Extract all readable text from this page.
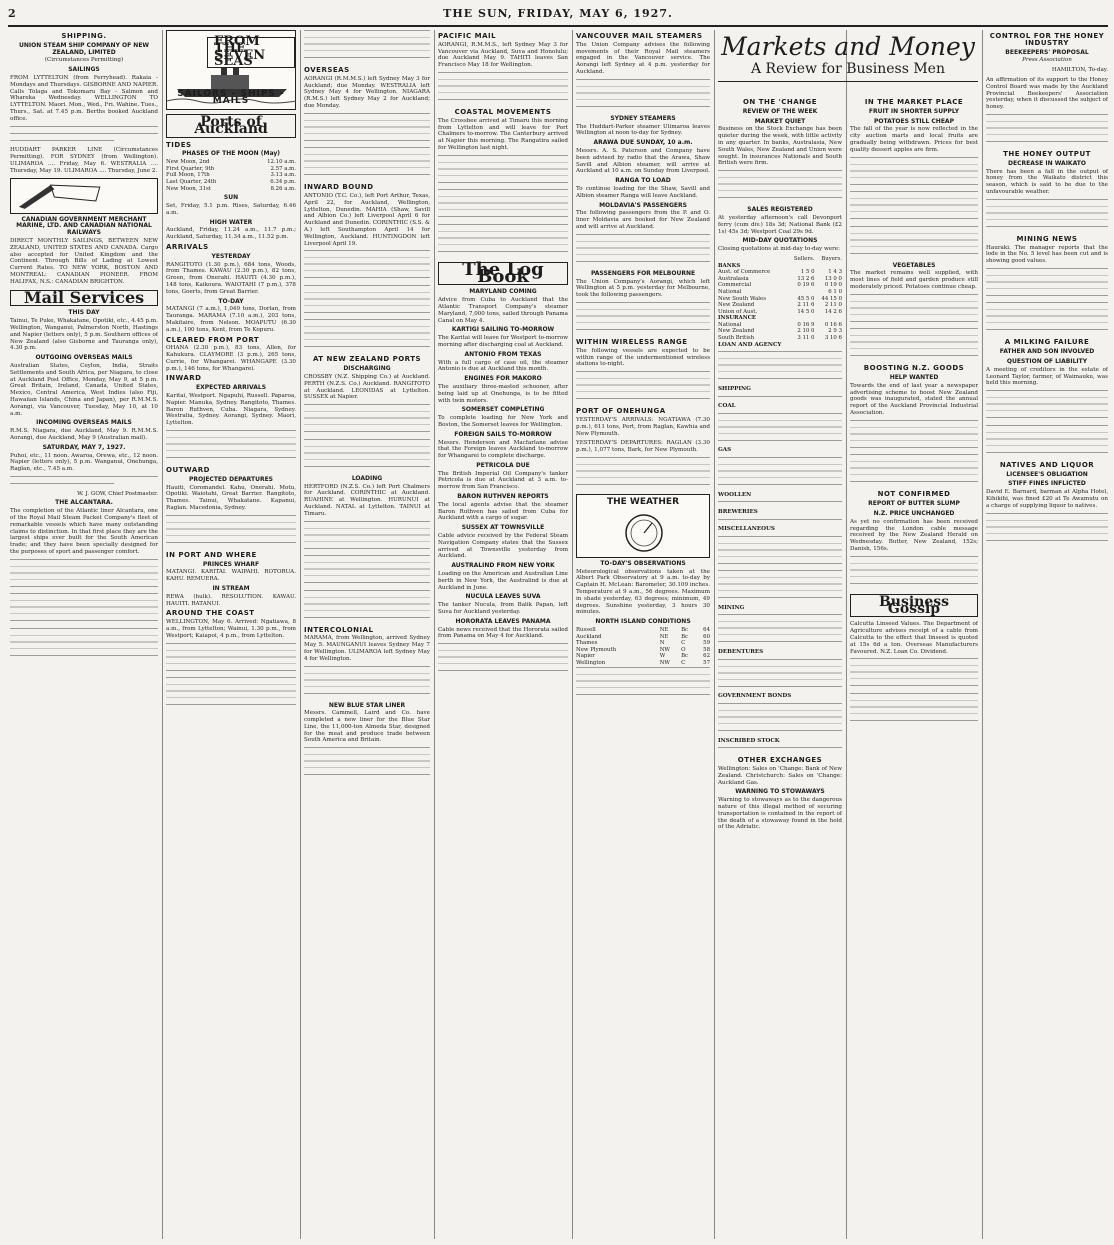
2	THE SUN, FRIDAY, MAY 6, 1927.
SHIPPING.
UNION STEAM SHIP COMPANY OF NEW ZEALAND, LIMITED

(Circumstances Permitting)

SAILINGS

FROM LYTTELTON (from Ferryhead). Rakaia - Mondays and Thursdays. GISBORNE AND NAPIER. Calls Tolaga and Tokomaru Bay - Salmon and Whareka Wednesday. WELLINGTON TO LYTTELTON. Maori. Mon., Wed., Fri. Wahine. Tues., Thurs., Sat. at 7.45 p.m. Berths booked Auckland office.

HUDDART PARKER LINE (Circumstances Permitting). FOR SYDNEY (from Wellington). ULIMAROA .... Friday, May 6. WESTRALIA .... Thursday, May 19. ULIMAROA .... Thursday, June 2.

CANADIAN GOVERNMENT MERCHANT MARINE, LTD. AND CANADIAN NATIONAL RAILWAYS

DIRECT MONTHLY SAILINGS, BETWEEN NEW ZEALAND, UNITED STATES AND CANADA. Cargo also accepted for United Kingdom and the Continent. Through Bills of Lading at Lowest Current Rates. TO NEW YORK, BOSTON AND MONTREAL: CANADIAN PIONEER. FROM HALIFAX, N.S.: CANADIAN BRIGHTON.

Mail Services
THIS DAY

Tainui, Te Puke, Whakatane, Opotiki, etc., 4.45 p.m. Wellington, Wanganui, Palmerston North, Hastings and Napier (letters only), 5 p.m. Southern offices of New Zealand (also Gisborne and Tauranga only), 4.30 p.m.

OUTGOING OVERSEAS MAILS

Australian States, Ceylon, India, Straits Settlements and South Africa, per Niagara, to close at Auckland Post Office, Monday, May 9, at 5 p.m. Great Britain, Ireland, Canada, United States, Mexico, Central America, West Indies (also Fiji, Hawaiian Islands, China and Japan), per R.M.M.S. Aorangi, via Vancouver, Tuesday, May 10, at 10 a.m.

INCOMING OVERSEAS MAILS

R.M.S. Niagara, due Auckland, May 9. R.M.M.S. Aorangi, due Auckland, May 9 (Australian mail).

SATURDAY, MAY 7, 1927.

Puhoi, etc., 11 noon. Awaroa, Orewa, etc., 12 noon. Napier (letters only), 5 p.m. Wanganui, Onehunga, Raglan, etc., 7.45 a.m.

W. J. GOW, Chief Postmaster.

THE ALCANTARA.

The completion of the Atlantic liner Alcantara, one of the Royal Mail Steam Packet Company's fleet of remarkable vessels which have many outstanding claims to distinction. In that first place they are the largest ships ever built for the South American trade; and they have been specially designed for the purposes of sport and passenger comfort.

FROM THE SEVEN SEAS
SAILORS - SHIPS - MAILS
Ports of Auckland
TIDES
PHASES OF THE MOON (May)
New Moon, 2nd	12.10 a.m.
First Quarter, 9th	2.57 a.m.
Full Moon, 17th	3.13 a.m.
Last Quarter, 24th	6.34 p.m.
New Moon, 31st	8.26 a.m.
SUN

Set, Friday, 5.1 p.m. Rises, Saturday, 6.46 a.m.

HIGH WATER

Auckland, Friday, 11.24 a.m., 11.7 p.m.; Auckland, Saturday, 11.34 a.m., 11.52 p.m.

ARRIVALS
YESTERDAY

RANGITOTO (1.30 p.m.), 684 tons, Woods, from Thames. KAWAU (2.30 p.m.), 82 tons, Green, from Onerahi. HAUITI (4.30 p.m.), 148 tons, Kaikoura. WAIOTAHI (7 p.m.), 378 tons, Goerts, from Great Barrier.

TO-DAY

MATANGI (7 a.m.), 1,049 tons, Dorlan, from Tauranga. MARAMA (7.10 a.m.), 203 tons, Makitaire, from Nelson. MOAPUTU (6.30 a.m.), 100 tons, Kent, from Te Kopuru.

CLEARED FROM PORT

OHANA (2.30 p.m.), 83 tons, Allen, for Kahukura. CLAYMORE (3 p.m.), 265 tons, Currie, for Whangarei. WHANGAPE (3.30 p.m.), 146 tons, for Whangarei.

INWARD
EXPECTED ARRIVALS

Karitai, Westport. Ngapuhi, Russell. Paparoa, Napier. Manuka, Sydney. Rangitoto, Thames. Baron Ruthven, Cuba. Niagara, Sydney. Westralia, Sydney. Aorangi, Sydney. Maori, Lyttelton.

OUTWARD
PROJECTED DEPARTURES

Hauiti, Coromandel. Kahu, Onerahi. Motu, Opotiki. Waiotahi, Great Barrier. Rangitoto, Thames. Tainui, Whakatane. Kapanui, Raglan. Macedonia, Sydney.

IN PORT AND WHERE
PRINCES WHARF

MATANGI. KARITAI. WAIPAHI. ROTORUA. KAHU. REMUERA.

IN STREAM

REWA (hulk). RESOLUTION. KAWAU. HAUITI. RATANUI.

AROUND THE COAST

WELLINGTON, May 6. Arrived: Ngatiawa, 8 a.m., from Lyttelton; Wainui, 1.30 p.m., from Westport; Kaiapoi, 4 p.m., from Lyttelton.

OVERSEAS

AORANGI (R.M.M.S.) left Sydney May 3 for Auckland; due Monday. WESTRALIA left Sydney May 4 for Wellington. NIAGARA (R.M.S.) left Sydney May 2 for Auckland; due Monday.

INWARD BOUND

ANTONIO (T.C. Co.), left Port Arthur, Texas, April 22, for Auckland, Wellington, Lyttelton, Dunedin. MAHIA (Shaw, Savill and Albion Co.) left Liverpool April 6 for Auckland and Dunedin. CORINTHIC (S.S. & A.) left Southampton April 14 for Wellington, Auckland. HUNTINGDON left Liverpool April 19.

AT NEW ZEALAND PORTS
DISCHARGING

CROSSBY (N.Z. Shipping Co.) at Auckland. PERTH (N.Z.S. Co.) Auckland. RANGITOTO at Auckland. LEONIDAS at Lyttelton. SUSSEX at Napier.

LOADING

HERTFORD (N.Z.S. Co.) left Port Chalmers for Auckland. CORINTHIC at Auckland. RUAHINE at Wellington. HURUNUI at Auckland. NATAL at Lyttelton. TAINUI at Timaru.

INTERCOLONIAL

MARAMA, from Wellington, arrived Sydney May 5. MAUNGANUI leaves Sydney May 7 for Wellington. ULIMAROA left Sydney May 4 for Wellington.

NEW BLUE STAR LINER

Messrs. Cammell, Laird and Co. have completed a new liner for the Blue Star Line, the 11,000-ton Almeda Star, designed for the meat and produce trade between South America and Britain.

PACIFIC MAIL

AORANGI, R.M.M.S., left Sydney May 3 for Vancouver via Auckland, Suva and Honolulu; due Auckland May 9. TAHITI leaves San Francisco May 18 for Wellington.

COASTAL MOVEMENTS

The Crossbee arrived at Timaru this morning from Lyttelton and will leave for Port Chalmers to-morrow. The Canterbury arrived at Napier this morning. The Rangatira sailed for Wellington last night.

The Log Book
MARYLAND COMING

Advice from Cuba to Auckland that the Atlantic Transport Company's steamer Maryland, 7,000 tons, sailed through Panama Canal on May 4.

KARTIGI SAILING TO-MORROW

The Karitai will leave for Westport to-morrow morning after discharging coal at Auckland.

ANTONIO FROM TEXAS

With a full cargo of case oil, the steamer Antonio is due at Auckland this month.

ENGINES FOR MAKORO

The auxiliary three-masted schooner, after being laid up at Onehunga, is to be fitted with twin motors.

SOMERSET COMPLETING

To complete loading for New York and Boston, the Somerset leaves for Wellington.

FOREIGN SAILS TO-MORROW

Messrs. Henderson and Macfarlane advise that the Foreign leaves Auckland to-morrow for Whangarei to complete discharge.

PETRICOLA DUE

The British Imperial Oil Company's tanker Petricola is due at Auckland at 3 a.m. to-morrow from San Francisco.

BARON RUTHVEN REPORTS

The local agents advise that the steamer Baron Ruthven has sailed from Cuba for Auckland with a cargo of sugar.

SUSSEX AT TOWNSVILLE

Cable advice received by the Federal Steam Navigation Company states that the Sussex arrived at Townsville yesterday from Auckland.

AUSTRALIND FROM NEW YORK

Loading on the American and Australian Line berth in New York, the Australind is due at Auckland in June.

NUCULA LEAVES SUVA

The tanker Nucula, from Balik Papan, left Suva for Auckland yesterday.

HORORATA LEAVES PANAMA

Cable news received that the Hororata sailed from Panama on May 4 for Auckland.

VANCOUVER MAIL STEAMERS

The Union Company advises the following movements of their Royal Mail steamers engaged in the Vancouver service. The Aorangi left Sydney at 4 p.m. yesterday for Auckland.

SYDNEY STEAMERS

The Huddart-Parker steamer Ulimaroa leaves Wellington at noon to-day for Sydney.

ARAWA DUE SUNDAY, 10 a.m.

Messrs. A. S. Paterson and Company have been advised by radio that the Arawa, Shaw Savill and Albion steamer, will arrive at Auckland at 10 a.m. on Sunday from Liverpool.

RANGA TO LOAD

To continue loading for the Shaw, Savill and Albion steamer Ranga will leave Auckland.

MOLDAVIA'S PASSENGERS

The following passengers from the P. and O. liner Moldavia are booked for New Zealand and will arrive at Auckland.

PASSENGERS FOR MELBOURNE

The Union Company's Aorangi, which left Wellington at 5 p.m. yesterday for Melbourne, took the following passengers.

WITHIN WIRELESS RANGE

The following vessels are expected to be within range of the undermentioned wireless stations to-night.

PORT OF ONEHUNGA

YESTERDAY'S ARRIVALS: NGATIAWA (7.30 p.m.), 611 tons, Pert, from Raglan, Kawhia and New Plymouth.

YESTERDAY'S DEPARTURES: RAGLAN (3.30 p.m.), 1,077 tons, Bark, for New Plymouth.

THE WEATHER
TO-DAY'S OBSERVATIONS

Meteorological observations taken at the Albert Park Observatory at 9 a.m. to-day by Captain H. McLean: Barometer, 30.109 inches. Temperature at 9 a.m., 56 degrees. Maximum in shade yesterday, 63 degrees; minimum, 49 degrees. Sunshine yesterday, 3 hours 30 minutes.

NORTH ISLAND CONDITIONS
Russell	NE	Bc	64
Auckland	NE	Bc	60
Thames	N	C	59
New Plymouth	NW	O	58
Napier	W	Bc	62
Wellington	NW	C	57
Markets and Money
A Review for Business Men
ON THE 'CHANGE
REVIEW OF THE WEEK
MARKET QUIET

Business on the Stock Exchange has been quieter during the week, with little activity in any quarter. In banks, Australasia, New South Wales, New Zealand and Union were sought. In insurances Nationals and South British were firm.

SALES REGISTERED

At yesterday afternoon's call Devonport ferry (cum div.) 18s 3d; National Bank (£2 1s) 45s 3d; Westport Coal 29s 9d.

MID-DAY QUOTATIONS

Closing quotations at mid-day to-day were:

	Sellers.	Buyers.
BANKS		
Aust. of Commerce	1 5 0	1 4 3
Australasia	13 2 6	13 0 0
Commercial	0 19 6	0 19 0
National		6 1 0
New South Wales	45 5 0	44 15 0
New Zealand	2 11 6	2 11 0
Union of Aust.	14 5 0	14 2 6
INSURANCE		
National	0 16 9	0 16 6
New Zealand	2 10 0	2 9 3
South British	3 11 0	3 10 6

LOAN AND AGENCY

SHIPPING

COAL

GAS

WOOLLEN

BREWERIES

MISCELLANEOUS

MINING

DEBENTURES

GOVERNMENT BONDS

INSCRIBED STOCK

OTHER EXCHANGES

Wellington: Sales on 'Change: Bank of New Zealand. Christchurch: Sales on 'Change: Auckland Gas.

WARNING TO STOWAWAYS

Warning to stowaways as to the dangerous nature of this illegal method of securing transportation is contained in the report of the death of a stowaway found in the hold of the Adriatic.

IN THE MARKET PLACE
FRUIT IN SHORTER SUPPLY
POTATOES STILL CHEAP

The fall of the year is now reflected in the city auction marts and local fruits are gradually being withdrawn. Prices for best quality dessert apples are firm.

VEGETABLES

The market remains well supplied, with most lines of field and garden produce still moderately priced. Potatoes continue cheap.

BOOSTING N.Z. GOODS
HELP WANTED

Towards the end of last year a newspaper advertising scheme to boost New Zealand goods was inaugurated, stated the annual report of the Auckland Provincial Industrial Association.

NOT CONFIRMED
REPORT OF BUTTER SLUMP
N.Z. PRICE UNCHANGED

As yet no confirmation has been received regarding the London cable message received by the New Zealand Herald on Wednesday. Butter, New Zealand, 152s; Danish, 156s.

Business Gossip

Calcutta Linseed Values. The Department of Agriculture advises receipt of a cable from Calcutta to the effect that linseed is quoted at 15s 6d a ton. Overseas Manufacturers Favoured. N.Z. Loan Co. Dividend.

CONTROL FOR THE HONEY INDUSTRY
BEEKEEPERS' PROPOSAL

Press Association

HAMILTON, To-day.

An affirmation of its support to the Honey Control Board was made by the Auckland Provincial Beekeepers' Association yesterday, when it discussed the subject of honey.

THE HONEY OUTPUT
DECREASE IN WAIKATO

There has been a fall in the output of honey from the Waikato district this season, which is said to be due to the unfavourable weather.

MINING NEWS

Hauraki. The manager reports that the lode in the No. 5 level has been cut and is showing good values.

A MILKING FAILURE
FATHER AND SON INVOLVED
QUESTION OF LIABILITY

A meeting of creditors in the estate of Leonard Taylor, farmer, of Waimauku, was held this morning.

NATIVES AND LIQUOR
LICENSEE'S OBLIGATION
STIFF FINES INFLICTED

David E. Barnard, barman at Alpha Hotel, Kihikihi, was fined £20 at Te Awamutu on a charge of supplying liquor to natives.
